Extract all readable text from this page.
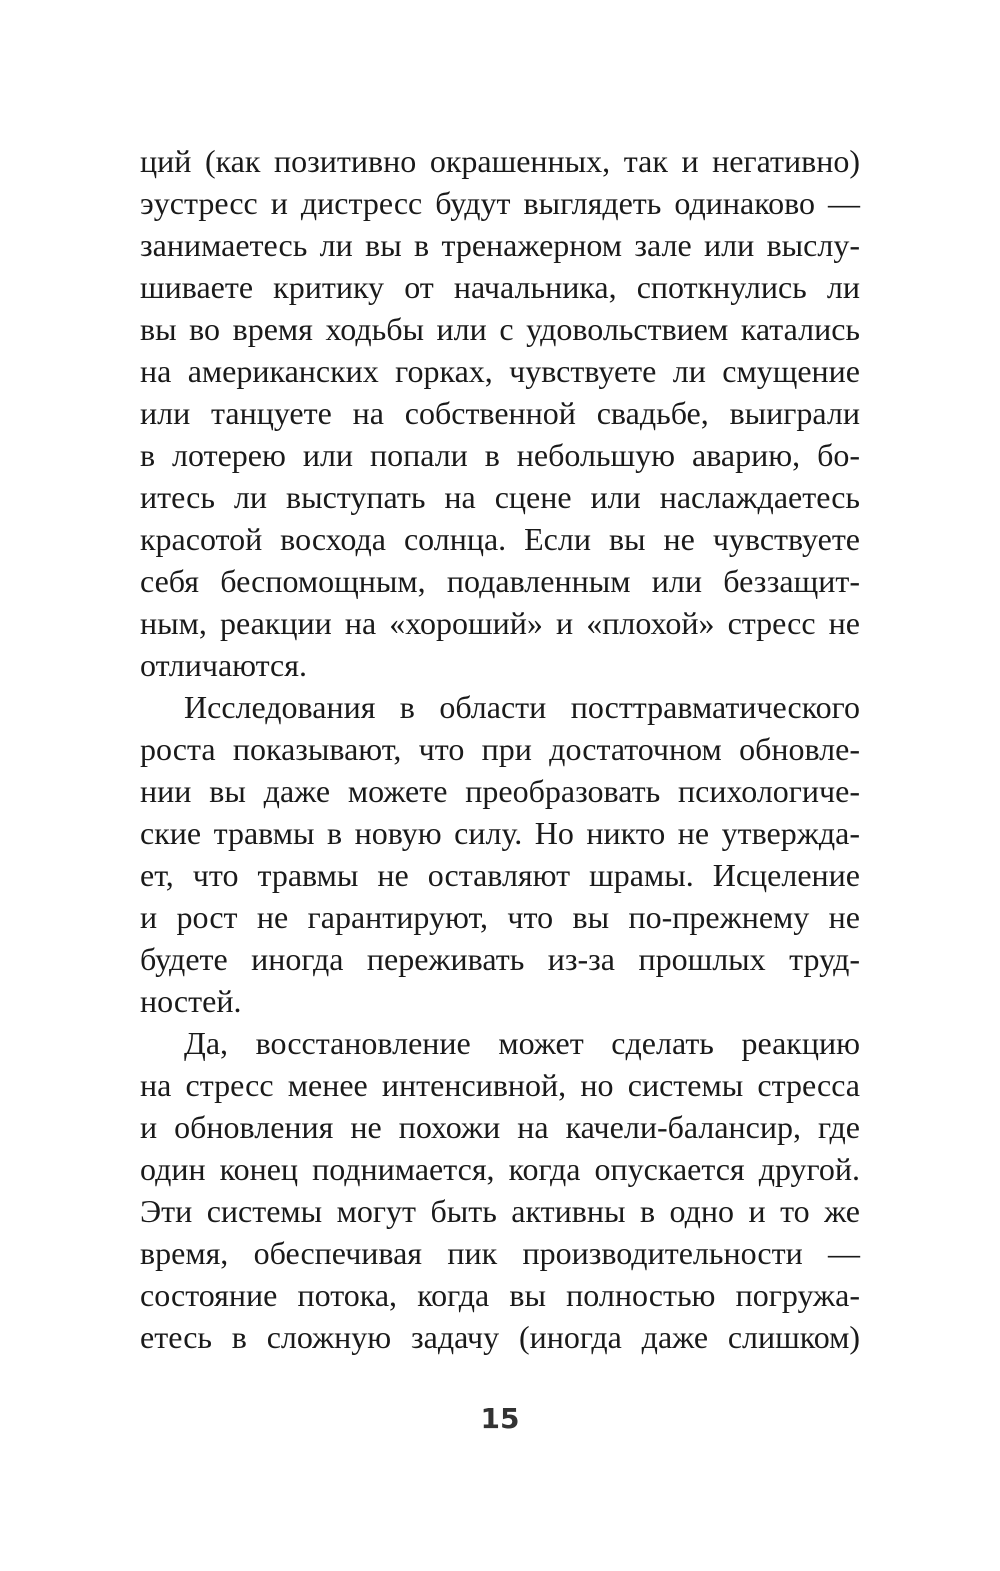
ций (как позитивно окрашенных, так и негативно)
эустресс и дистресс будут выглядеть одинаково —
занимаетесь ли вы в тренажерном зале или выслу-
шиваете критику от начальника, споткнулись ли
вы во время ходьбы или с удовольствием катались
на американских горках, чувствуете ли смущение
или танцуете на собственной свадьбе, выиграли
в лотерею или попали в небольшую аварию, бо-
итесь ли выступать на сцене или наслаждаетесь
красотой восхода солнца. Если вы не чувствуете
себя беспомощным, подавленным или беззащит-
ным, реакции на «хороший» и «плохой» стресс не
отличаются.
Исследования в области посттравматического
роста показывают, что при достаточном обновле-
нии вы даже можете преобразовать психологиче-
ские травмы в новую силу. Но никто не утвержда-
ет, что травмы не оставляют шрамы. Исцеление
и рост не гарантируют, что вы по-прежнему не
будете иногда переживать из-за прошлых труд-
ностей.
Да, восстановление может сделать реакцию
на стресс менее интенсивной, но системы стресса
и обновления не похожи на качели-балансир, где
один конец поднимается, когда опускается другой.
Эти системы могут быть активны в одно и то же
время, обеспечивая пик производительности —
состояние потока, когда вы полностью погружа-
етесь в сложную задачу (иногда даже слишком)
15
